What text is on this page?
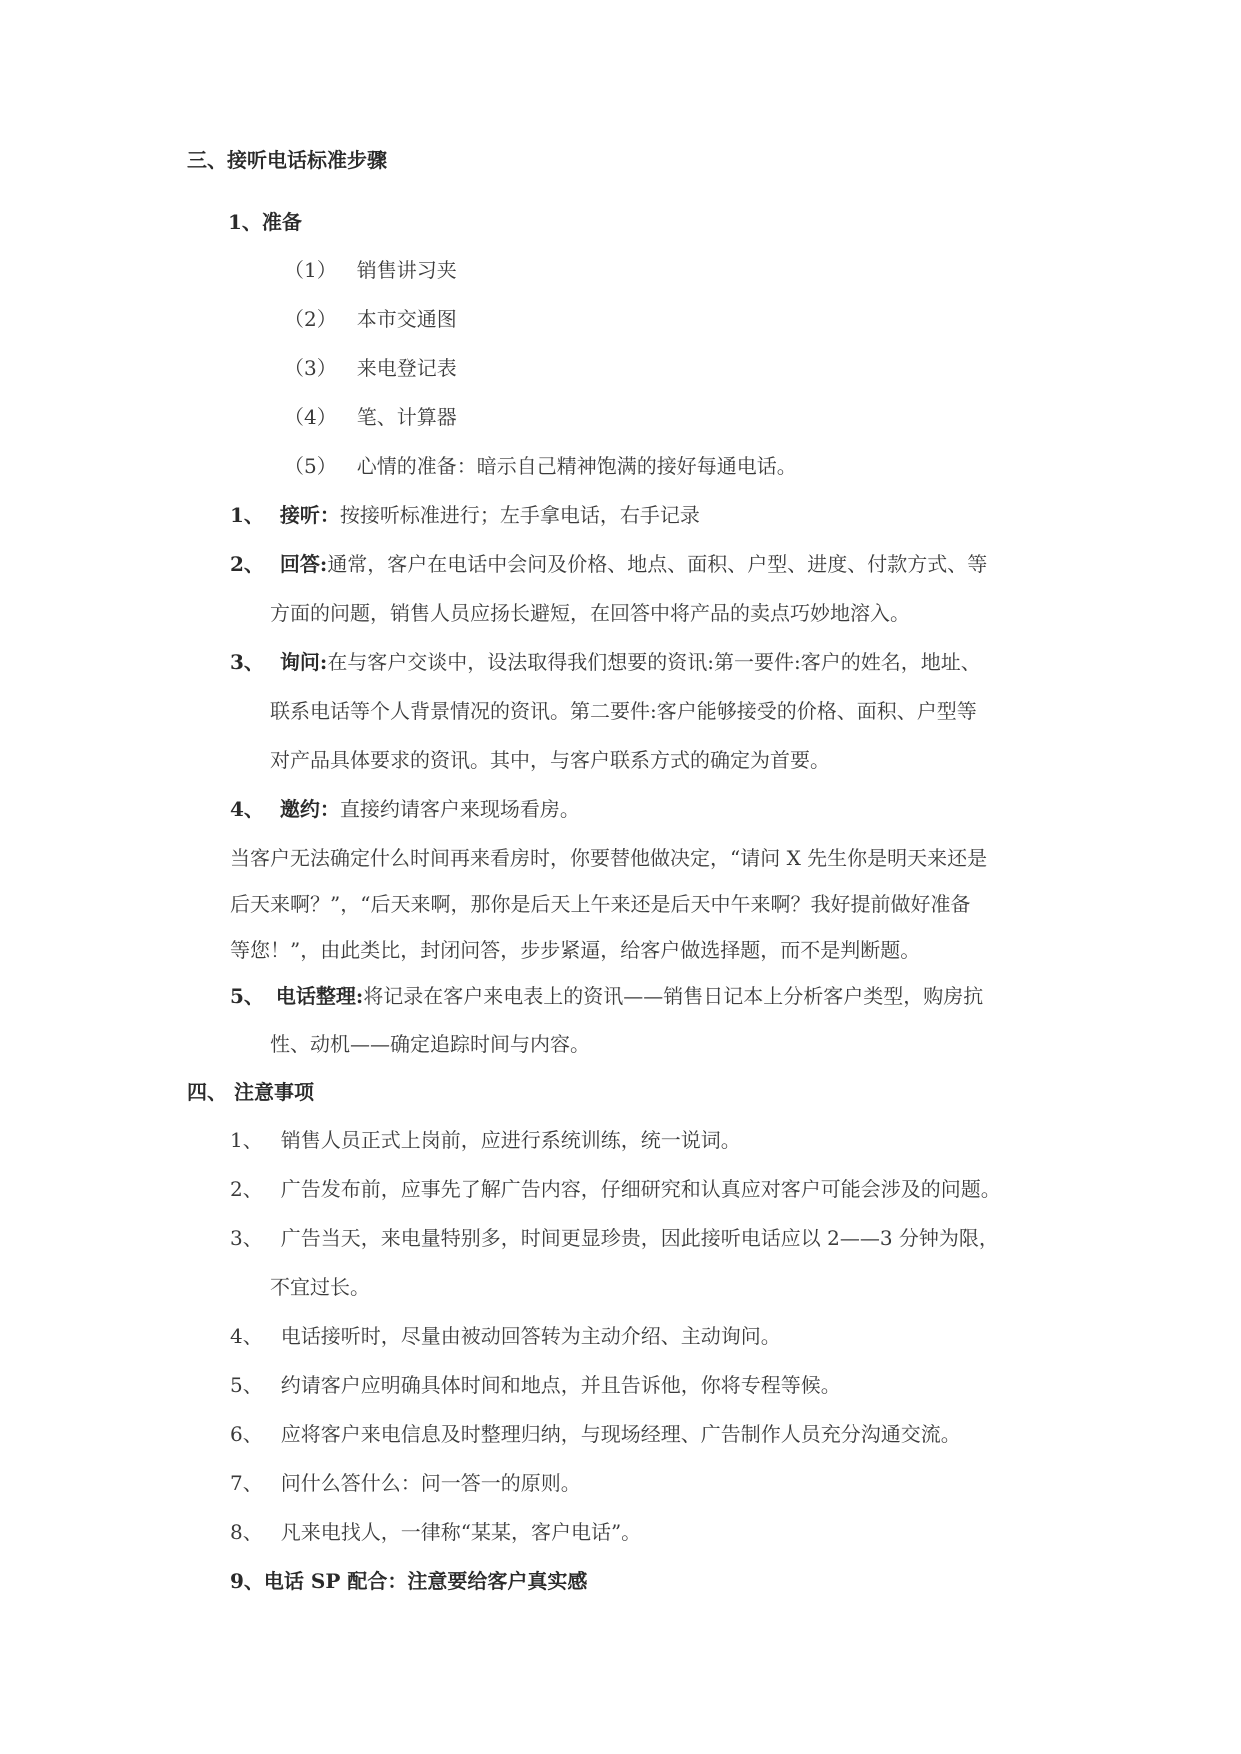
三、接听电话标准步骤
1、准备
（1） 销售讲习夹
（2） 本市交通图
（3） 来电登记表
（4） 笔、计算器
（5） 心情的准备：暗示自己精神饱满的接好每通电话。
1、 接听：按接听标准进行；左手拿电话，右手记录
2、 回答:通常，客户在电话中会问及价格、地点、面积、户型、进度、付款方式、等
方面的问题，销售人员应扬长避短，在回答中将产品的卖点巧妙地溶入。
3、 询问:在与客户交谈中，设法取得我们想要的资讯:第一要件:客户的姓名，地址、
联系电话等个人背景情况的资讯。第二要件:客户能够接受的价格、面积、户型等
对产品具体要求的资讯。其中，与客户联系方式的确定为首要。
4、 邀约：直接约请客户来现场看房。
当客户无法确定什么时间再来看房时，你要替他做决定，“请问 X 先生你是明天来还是
后天来啊？”，“后天来啊，那你是后天上午来还是后天中午来啊？我好提前做好准备
等您！”，由此类比，封闭问答，步步紧逼，给客户做选择题，而不是判断题。
5、 电话整理:将记录在客户来电表上的资讯——销售日记本上分析客户类型，购房抗
性、动机——确定追踪时间与内容。
四、 注意事项
1、 销售人员正式上岗前，应进行系统训练，统一说词。
2、 广告发布前，应事先了解广告内容，仔细研究和认真应对客户可能会涉及的问题。
3、 广告当天，来电量特别多，时间更显珍贵，因此接听电话应以 2——3 分钟为限，
不宜过长。
4、 电话接听时，尽量由被动回答转为主动介绍、主动询问。
5、 约请客户应明确具体时间和地点，并且告诉他，你将专程等候。
6、 应将客户来电信息及时整理归纳，与现场经理、广告制作人员充分沟通交流。
7、 问什么答什么：问一答一的原则。
8、 凡来电找人，一律称“某某，客户电话”。
9、电话 SP 配合：注意要给客户真实感
